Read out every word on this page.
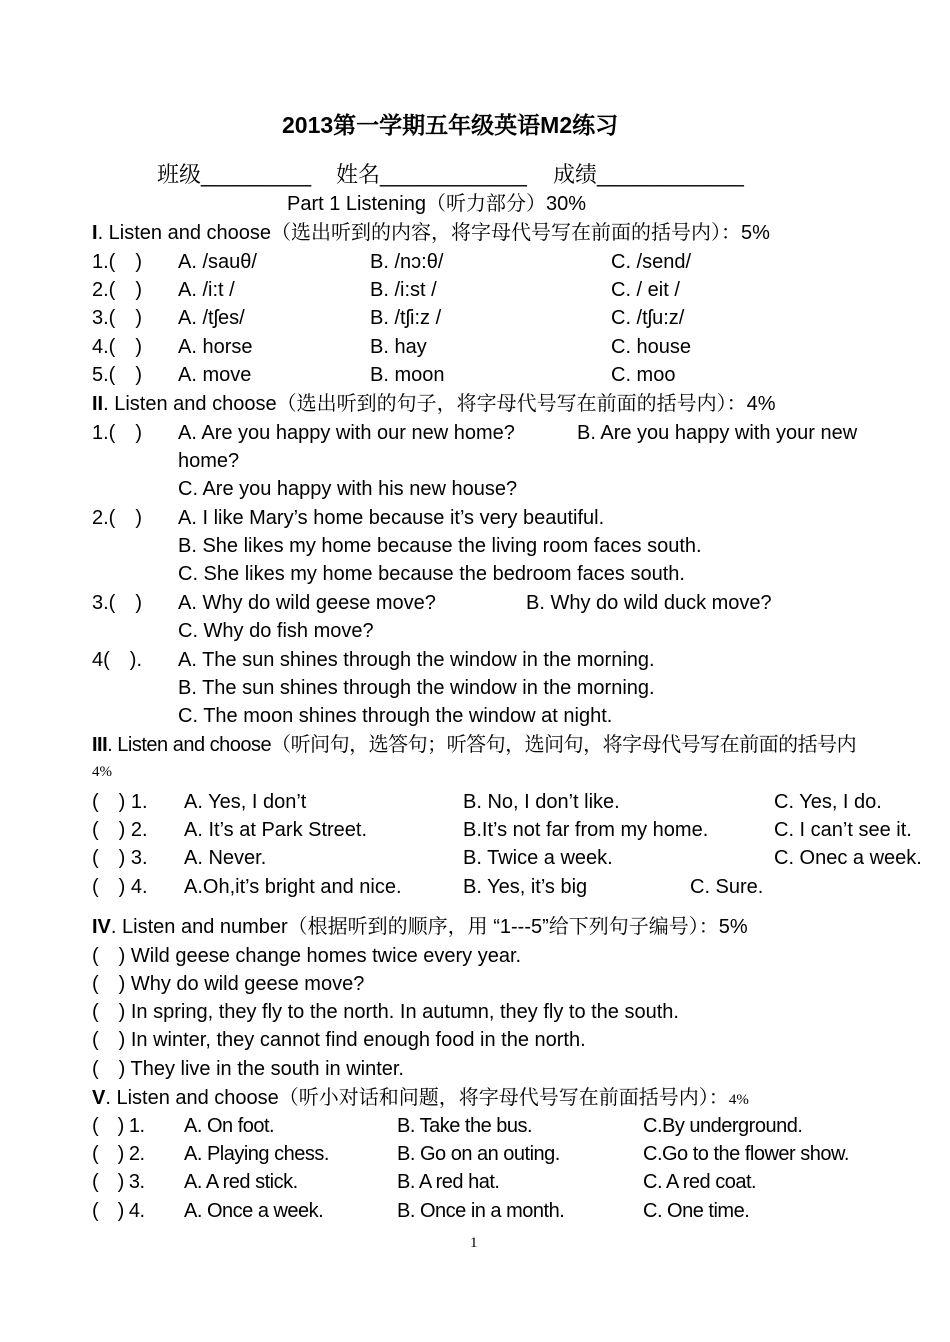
2013第一学期五年级英语M2练习
班级_________ 姓名____________ 成绩____________
Part 1 Listening（听力部分）30%
I. Listen and choose（选出听到的内容，将字母代号写在前面的括号内）：5%
1.(　) A. /sauθ/	B. /nɔ:θ/	C. /send/
2.(　) A. /i:t /	B. /i:st /	C. / eit /
3.(　) A. /tʃes/	B. /tʃi:z /	C. /tʃu:z/
4.(　) A. horse	B. hay	C. house
5.(　) A. move	B. moon	C. moo
II. Listen and choose（选出听到的句子，将字母代号写在前面的括号内）：4%
1.(　) A. Are you happy with our new home?	B. Are you happy with your new
home?
C. Are you happy with his new house?
2.(　) A. I like Mary’s home because it’s very beautiful.
B. She likes my home because the living room faces south.
C. She likes my home because the bedroom faces south.
3.(　) A. Why do wild geese move?	B. Why do wild duck move?
C. Why do fish move?
4(　). A. The sun shines through the window in the morning.
B. The sun shines through the window in the morning.
C. The moon shines through the window at night.
III. Listen and choose（听问句，选答句；听答句，选问句，将字母代号写在前面的括号内
4%
(　) 1. A. Yes, I don’t	B. No, I don’t like.	C. Yes, I do.
(　) 2. A. It’s at Park Street.	B.It’s not far from my home.	C. I can’t see it.
(　) 3. A. Never.	B. Twice a week.	C. Onec a week.
(　) 4. A.Oh,it’s bright and nice.	B. Yes, it’s big	C. Sure.
IV. Listen and number（根据听到的顺序，用 “1---5”给下列句子编号）：5%
(　) Wild geese change homes twice every year.
(　) Why do wild geese move?
(　) In spring, they fly to the north. In autumn, they fly to the south.
(　) In winter, they cannot find enough food in the north.
(　) They live in the south in winter.
V. Listen and choose（听小对话和问题，将字母代号写在前面括号内）：4%
(　) 1. A. On foot.	B. Take the bus.	C.By underground.
(　) 2. A. Playing chess.	B. Go on an outing.	C.Go to the flower show.
(　) 3. A. A red stick.	B. A red hat.	C. A red coat.
(　) 4. A. Once a week.	B. Once in a month.	C. One time.
1
